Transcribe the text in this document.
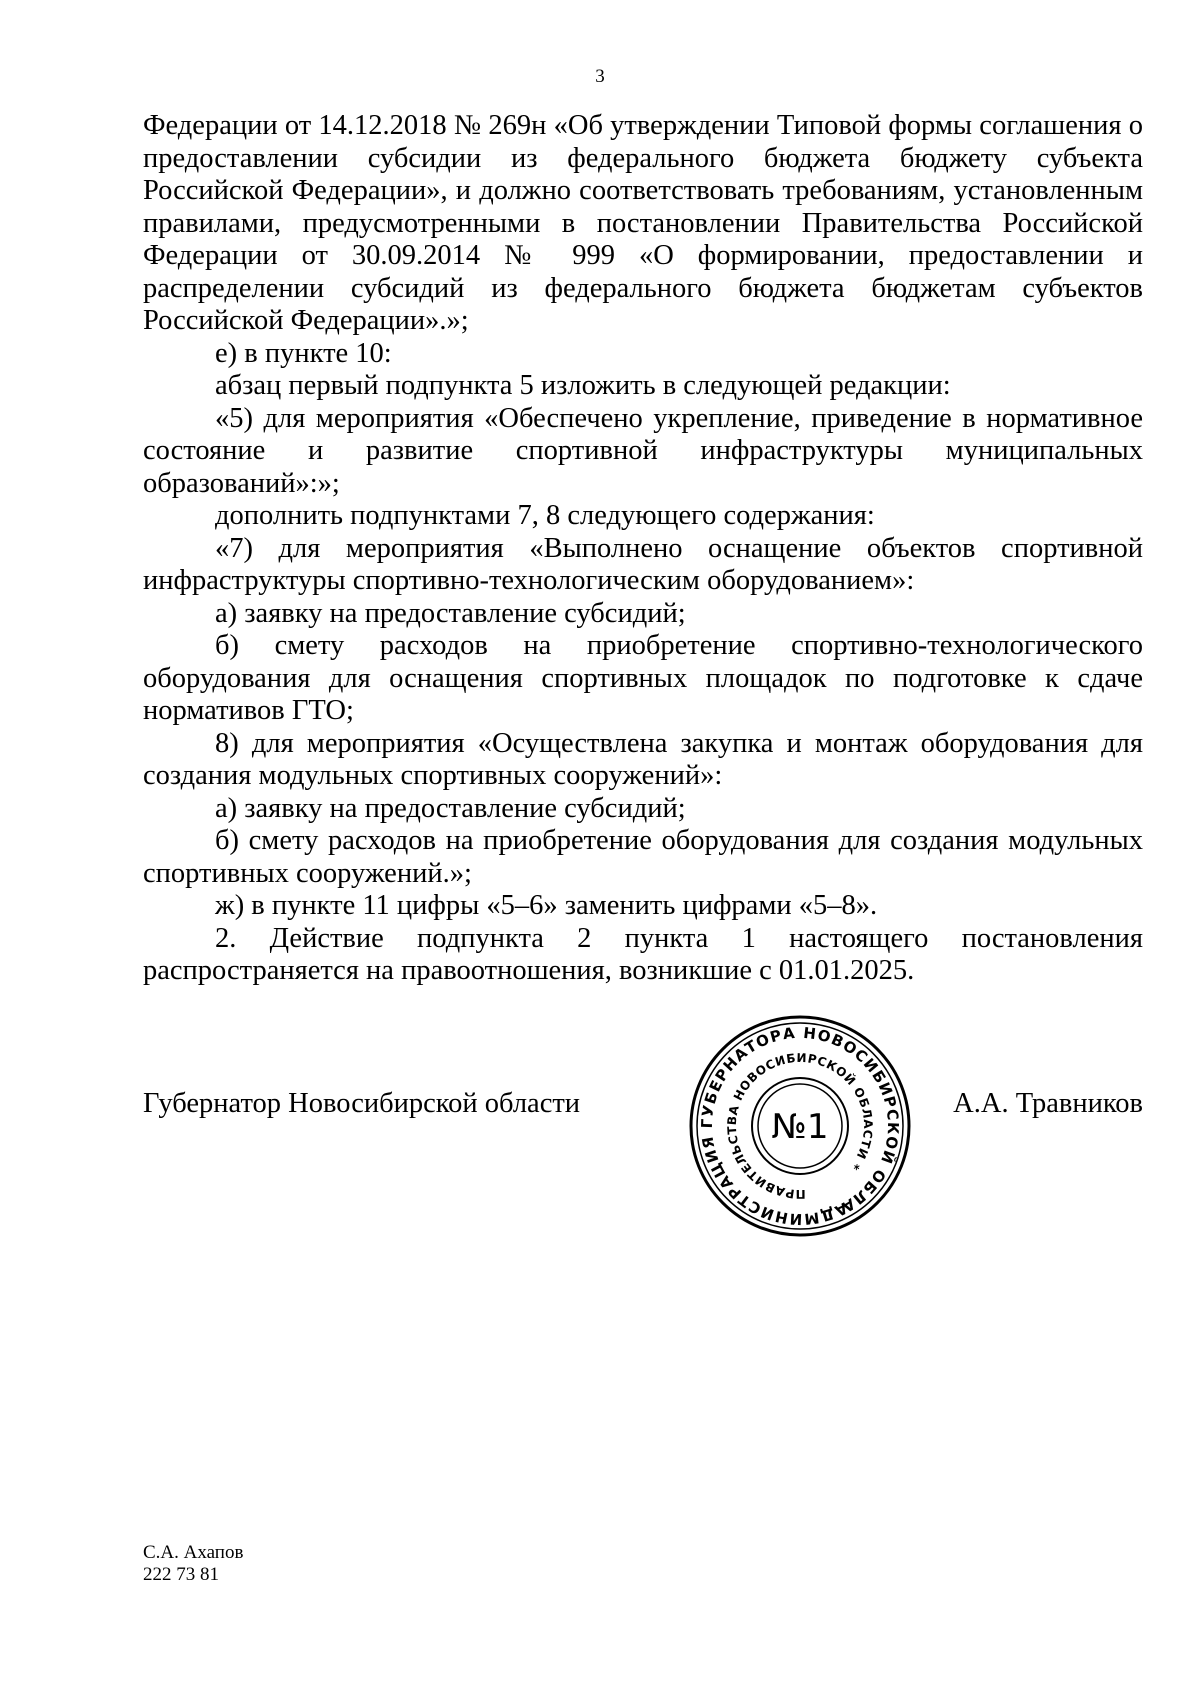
3

Федерации от 14.12.2018 № 269н «Об утверждении Типовой формы соглашения о предоставлении субсидии из федерального бюджета бюджету субъекта Российской Федерации», и должно соответствовать требованиям, установленным правилами, предусмотренными в постановлении Правительства Российской Федерации от 30.09.2014 № 999 «О формировании, предоставлении и распределении субсидий из федерального бюджета бюджетам субъектов Российской Федерации».»;

е) в пункте 10:

абзац первый подпункта 5 изложить в следующей редакции:

«5) для мероприятия «Обеспечено укрепление, приведение в нормативное состояние и развитие спортивной инфраструктуры муниципальных образований»:»;

дополнить подпунктами 7, 8 следующего содержания:

«7) для мероприятия «Выполнено оснащение объектов спортивной инфраструктуры спортивно-технологическим оборудованием»:

а) заявку на предоставление субсидий;

б) смету расходов на приобретение спортивно-технологического оборудования для оснащения спортивных площадок по подготовке к сдаче нормативов ГТО;

8) для мероприятия «Осуществлена закупка и монтаж оборудования для создания модульных спортивных сооружений»:

а) заявку на предоставление субсидий;

б) смету расходов на приобретение оборудования для создания модульных спортивных сооружений.»;

ж) в пункте 11 цифры «5–6» заменить цифрами «5–8».

2. Действие подпункта 2 пункта 1 настоящего постановления распространяется на правоотношения, возникшие с 01.01.2025.

Губернатор Новосибирской области	А.А. Травников
АДМИНИСТРАЦИЯ ГУБЕРНАТОРА НОВОСИБИРСКОЙ ОБЛАСТИ
ПРАВИТЕЛЬСТВА НОВОСИБИРСКОЙ ОБЛАСТИ *
№1
С.А. Ахапов
222 73 81
